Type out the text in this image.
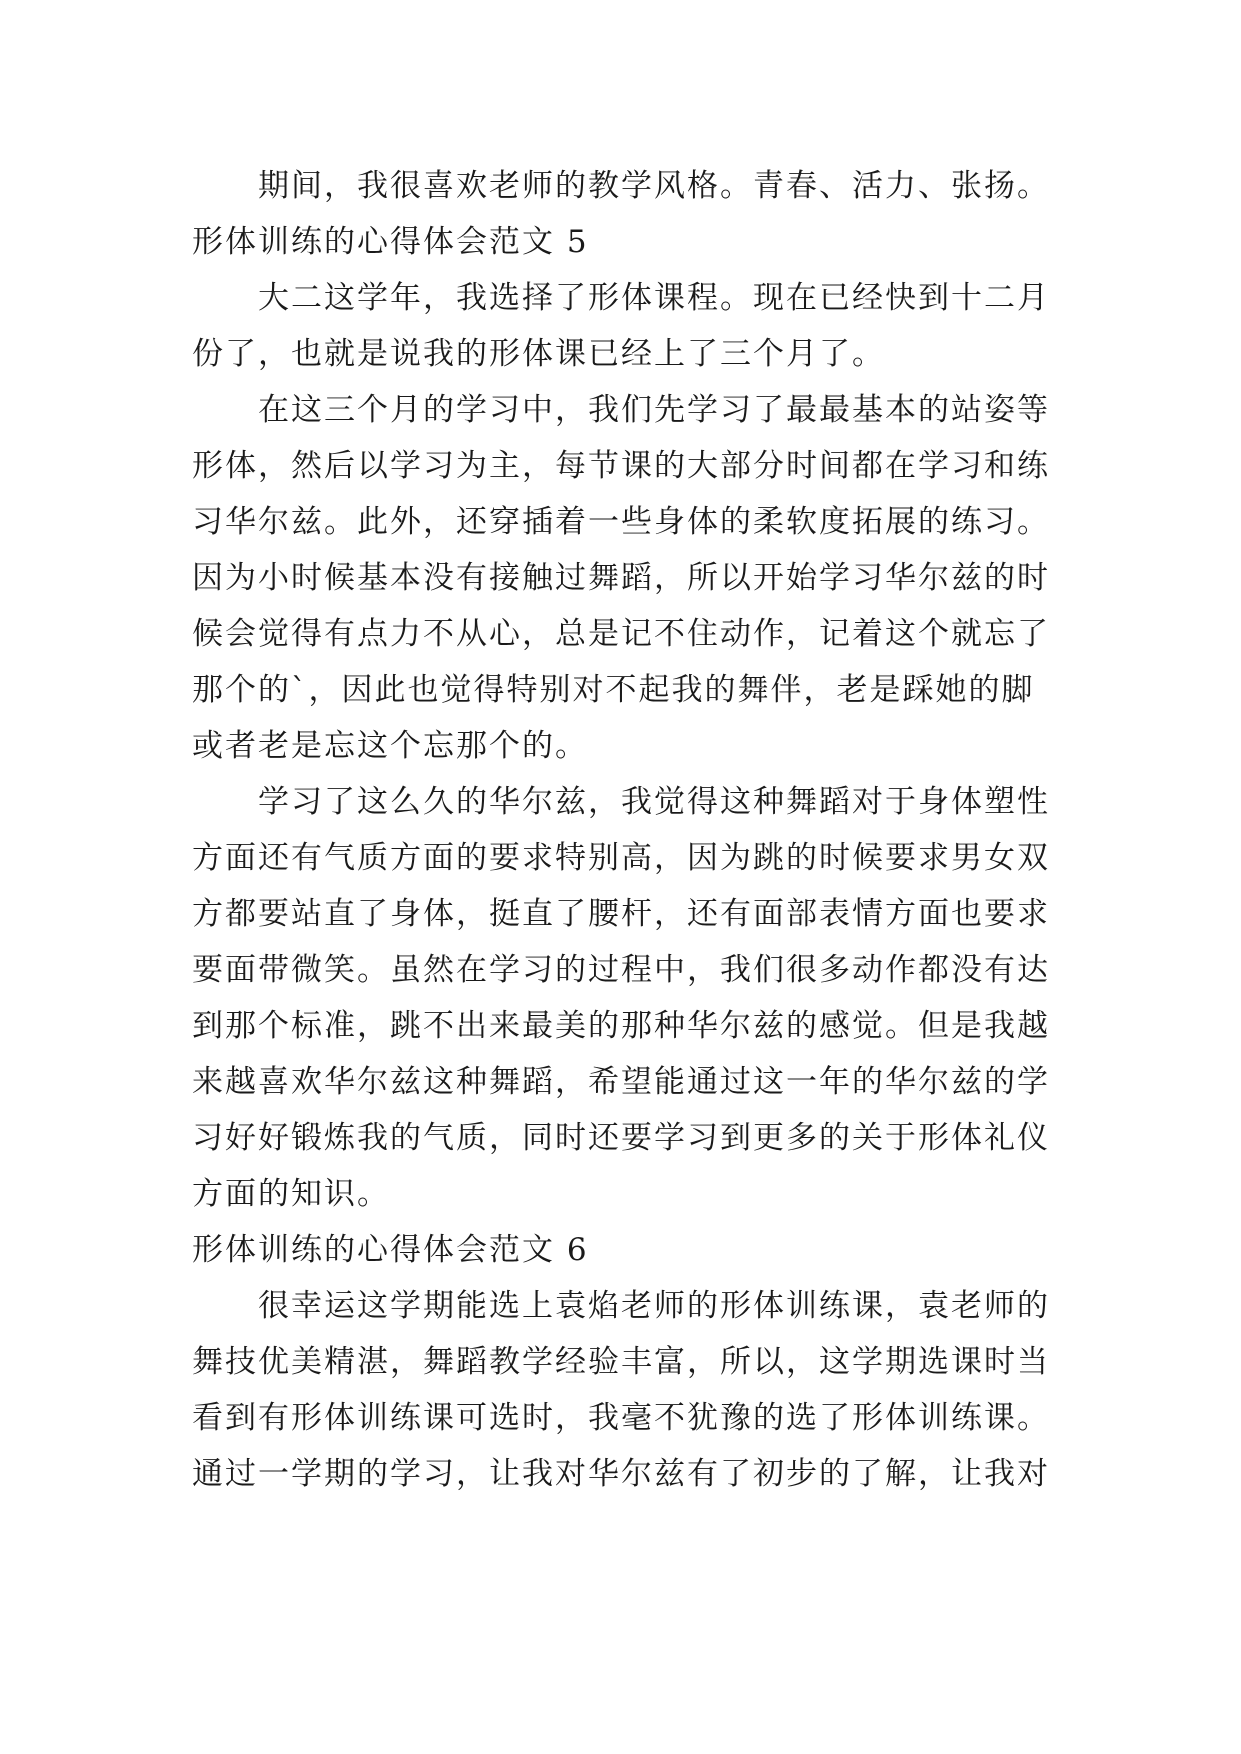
期间，我很喜欢老师的教学风格。青春、活力、张扬。
形体训练的心得体会范文 5
大二这学年，我选择了形体课程。现在已经快到十二月
份了，也就是说我的形体课已经上了三个月了。
在这三个月的学习中，我们先学习了最最基本的站姿等
形体，然后以学习为主，每节课的大部分时间都在学习和练
习华尔兹。此外，还穿插着一些身体的柔软度拓展的练习。
因为小时候基本没有接触过舞蹈，所以开始学习华尔兹的时
候会觉得有点力不从心，总是记不住动作，记着这个就忘了
那个的`，因此也觉得特别对不起我的舞伴，老是踩她的脚
或者老是忘这个忘那个的。
学习了这么久的华尔兹，我觉得这种舞蹈对于身体塑性
方面还有气质方面的要求特别高，因为跳的时候要求男女双
方都要站直了身体，挺直了腰杆，还有面部表情方面也要求
要面带微笑。虽然在学习的过程中，我们很多动作都没有达
到那个标准，跳不出来最美的那种华尔兹的感觉。但是我越
来越喜欢华尔兹这种舞蹈，希望能通过这一年的华尔兹的学
习好好锻炼我的气质，同时还要学习到更多的关于形体礼仪
方面的知识。
形体训练的心得体会范文 6
很幸运这学期能选上袁焰老师的形体训练课，袁老师的
舞技优美精湛，舞蹈教学经验丰富，所以，这学期选课时当
看到有形体训练课可选时，我毫不犹豫的选了形体训练课。
通过一学期的学习，让我对华尔兹有了初步的了解，让我对
